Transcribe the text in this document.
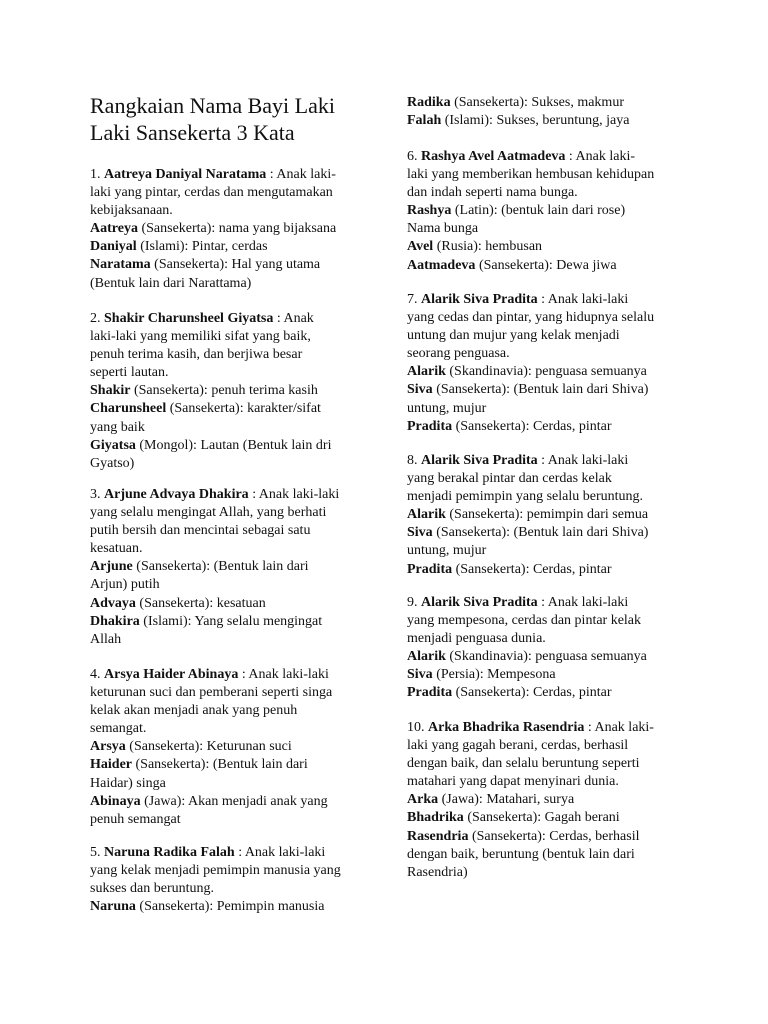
Rangkaian Nama Bayi Laki
Laki Sansekerta 3 Kata
1. Aatreya Daniyal Naratama : Anak laki-
laki yang pintar, cerdas dan mengutamakan
kebijaksanaan.
Aatreya (Sansekerta): nama yang bijaksana
Daniyal (Islami): Pintar, cerdas
Naratama (Sansekerta): Hal yang utama
(Bentuk lain dari Narattama)
2. Shakir Charunsheel Giyatsa : Anak
laki-laki yang memiliki sifat yang baik,
penuh terima kasih, dan berjiwa besar
seperti lautan.
Shakir (Sansekerta): penuh terima kasih
Charunsheel (Sansekerta): karakter/sifat
yang baik
Giyatsa (Mongol): Lautan (Bentuk lain dri
Gyatso)
3. Arjune Advaya Dhakira : Anak laki-laki
yang selalu mengingat Allah, yang berhati
putih bersih dan mencintai sebagai satu
kesatuan.
Arjune (Sansekerta): (Bentuk lain dari
Arjun) putih
Advaya (Sansekerta): kesatuan
Dhakira (Islami): Yang selalu mengingat
Allah
4. Arsya Haider Abinaya : Anak laki-laki
keturunan suci dan pemberani seperti singa
kelak akan menjadi anak yang penuh
semangat.
Arsya (Sansekerta): Keturunan suci
Haider (Sansekerta): (Bentuk lain dari
Haidar) singa
Abinaya (Jawa): Akan menjadi anak yang
penuh semangat
5. Naruna Radika Falah : Anak laki-laki
yang kelak menjadi pemimpin manusia yang
sukses dan beruntung.
Naruna (Sansekerta): Pemimpin manusia
Radika (Sansekerta): Sukses, makmur
Falah (Islami): Sukses, beruntung, jaya
6. Rashya Avel Aatmadeva : Anak laki-
laki yang memberikan hembusan kehidupan
dan indah seperti nama bunga.
Rashya (Latin): (bentuk lain dari rose)
Nama bunga
Avel (Rusia): hembusan
Aatmadeva (Sansekerta): Dewa jiwa
7. Alarik Siva Pradita : Anak laki-laki
yang cedas dan pintar, yang hidupnya selalu
untung dan mujur yang kelak menjadi
seorang penguasa.
Alarik (Skandinavia): penguasa semuanya
Siva (Sansekerta): (Bentuk lain dari Shiva)
untung, mujur
Pradita (Sansekerta): Cerdas, pintar
8. Alarik Siva Pradita : Anak laki-laki
yang berakal pintar dan cerdas kelak
menjadi pemimpin yang selalu beruntung.
Alarik (Sansekerta): pemimpin dari semua
Siva (Sansekerta): (Bentuk lain dari Shiva)
untung, mujur
Pradita (Sansekerta): Cerdas, pintar
9. Alarik Siva Pradita : Anak laki-laki
yang mempesona, cerdas dan pintar kelak
menjadi penguasa dunia.
Alarik (Skandinavia): penguasa semuanya
Siva (Persia): Mempesona
Pradita (Sansekerta): Cerdas, pintar
10. Arka Bhadrika Rasendria : Anak laki-
laki yang gagah berani, cerdas, berhasil
dengan baik, dan selalu beruntung seperti
matahari yang dapat menyinari dunia.
Arka (Jawa): Matahari, surya
Bhadrika (Sansekerta): Gagah berani
Rasendria (Sansekerta): Cerdas, berhasil
dengan baik, beruntung (bentuk lain dari
Rasendria)
